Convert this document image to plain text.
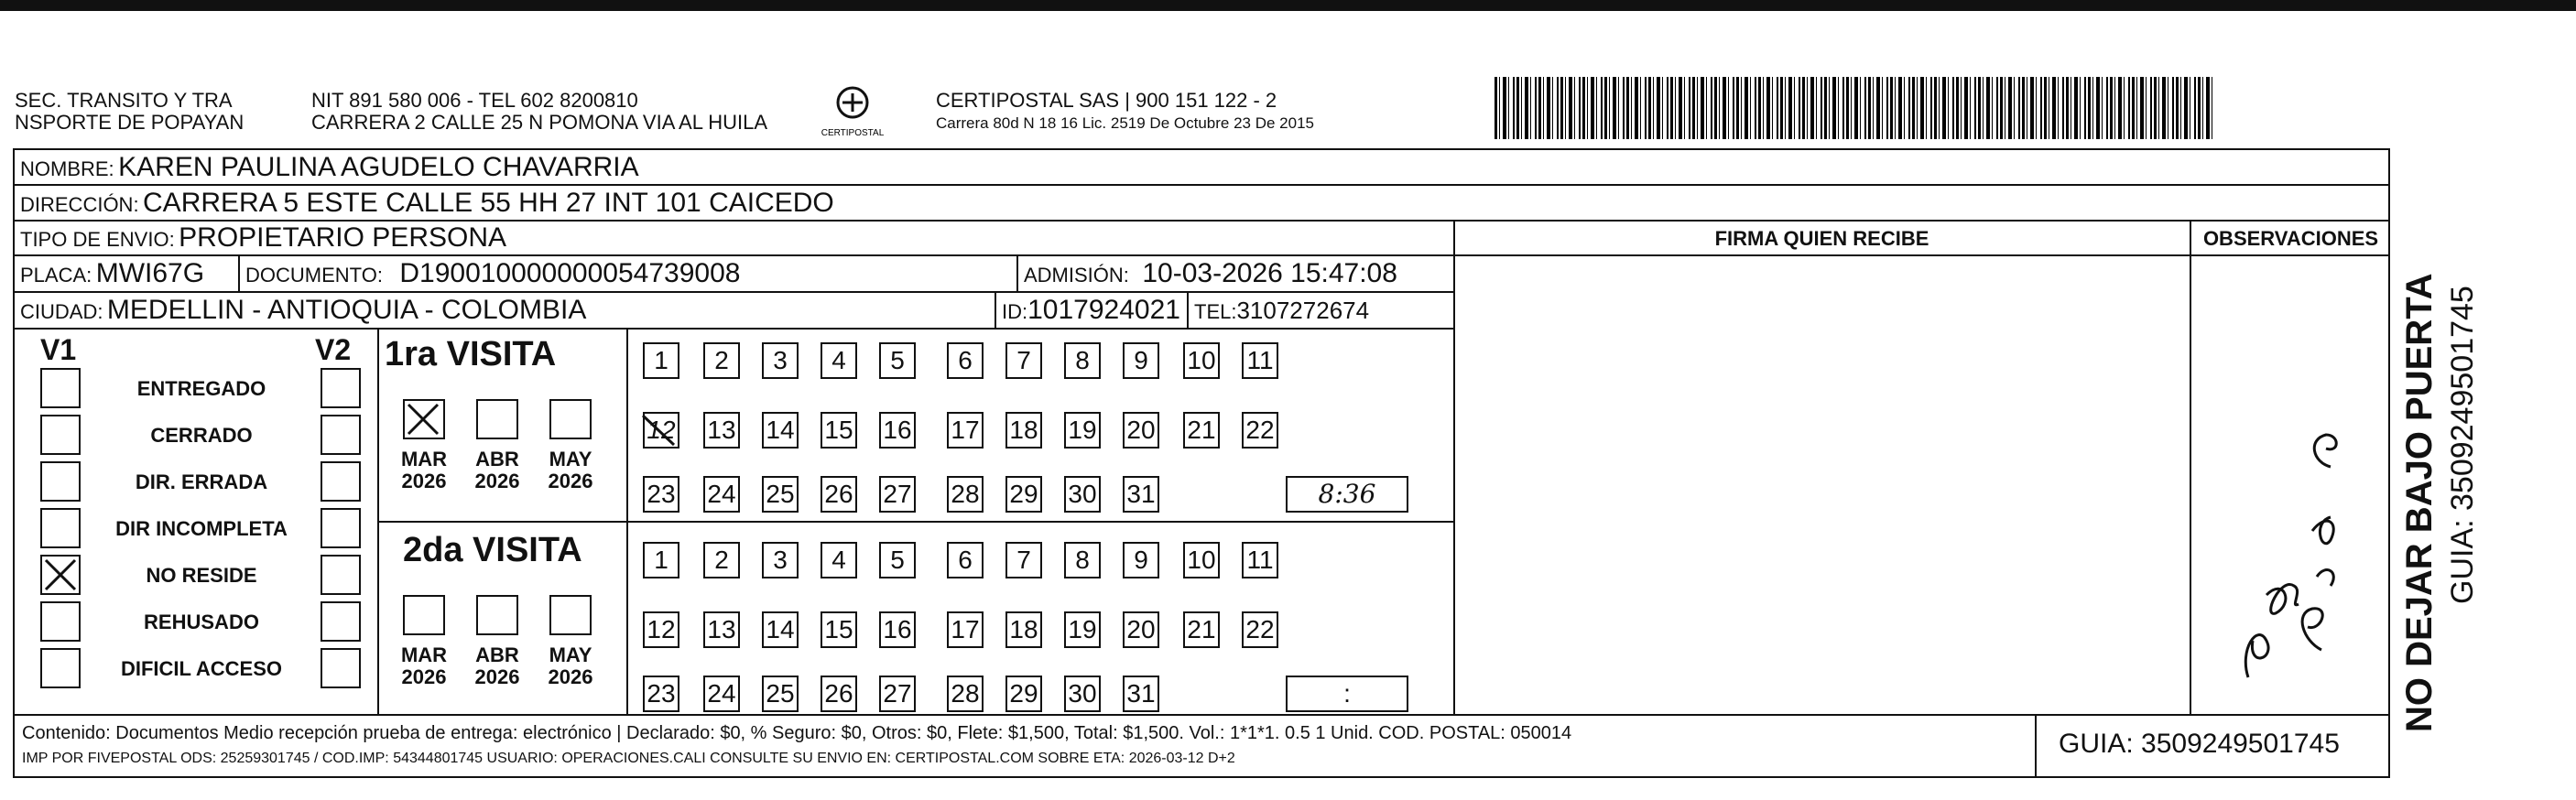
SEC. TRANSITO Y TRA
NSPORTE DE POPAYAN
NIT 891 580 006 - TEL 602 8200810
CARRERA 2 CALLE 25 N POMONA VIA AL HUILA	CERTIPOSTAL
CERTIPOSTAL SAS | 900 151 122 - 2
Carrera 80d N 18 16 Lic. 2519 De Octubre 23 De 2015
NOMBRE: KAREN PAULINA AGUDELO CHAVARRIA
DIRECCIÓN: CARRERA 5 ESTE CALLE 55 HH 27 INT 101 CAICEDO
TIPO DE ENVIO: PROPIETARIO PERSONA
PLACA: MWI67G DOCUMENTO: D190010000000054739008	ADMISIÓN: 10-03-2026 15:47:08
CIUDAD: MEDELLIN - ANTIOQUIA - COLOMBIA	ID:1017924021 TEL:3107272674
FIRMA QUIEN RECIBE	OBSERVACIONES
V1	V2
ENTREGADO
CERRADO
DIR. ERRADA
DIR INCOMPLETA
NO RESIDE
REHUSADO
DIFICIL ACCESO
1ra VISITA
2da VISITA
MAR
2026
ABR
2026
MAY
2026
MAR
2026
ABR
2026
MAY
2026
1	2	3	4	5	6	7	8	9	10 11
12 13 14 15 16 17 18 19 20 21 22
23 24 25 26 27 28 29 30 31	8:36
1	2	3	4	5	6	7	8	9	10 11
12 13 14 15 16 17 18 19 20 21 22
23 24 25 26 27 28 29 30 31	:
Contenido: Documentos Medio recepción prueba de entrega: electrónico | Declarado: $0, % Seguro: $0, Otros: $0, Flete: $1,500, Total: $1,500. Vol.: 1*1*1. 0.5 1 Unid. COD. POSTAL: 050014
IMP POR FIVEPOSTAL ODS: 25259301745 / COD.IMP: 54344801745 USUARIO: OPERACIONES.CALI CONSULTE SU ENVIO EN: CERTIPOSTAL.COM SOBRE ETA: 2026-03-12 D+2	GUIA: 3509249501745
NO DEJAR BAJO PUERTA GUIA: 3509249501745
